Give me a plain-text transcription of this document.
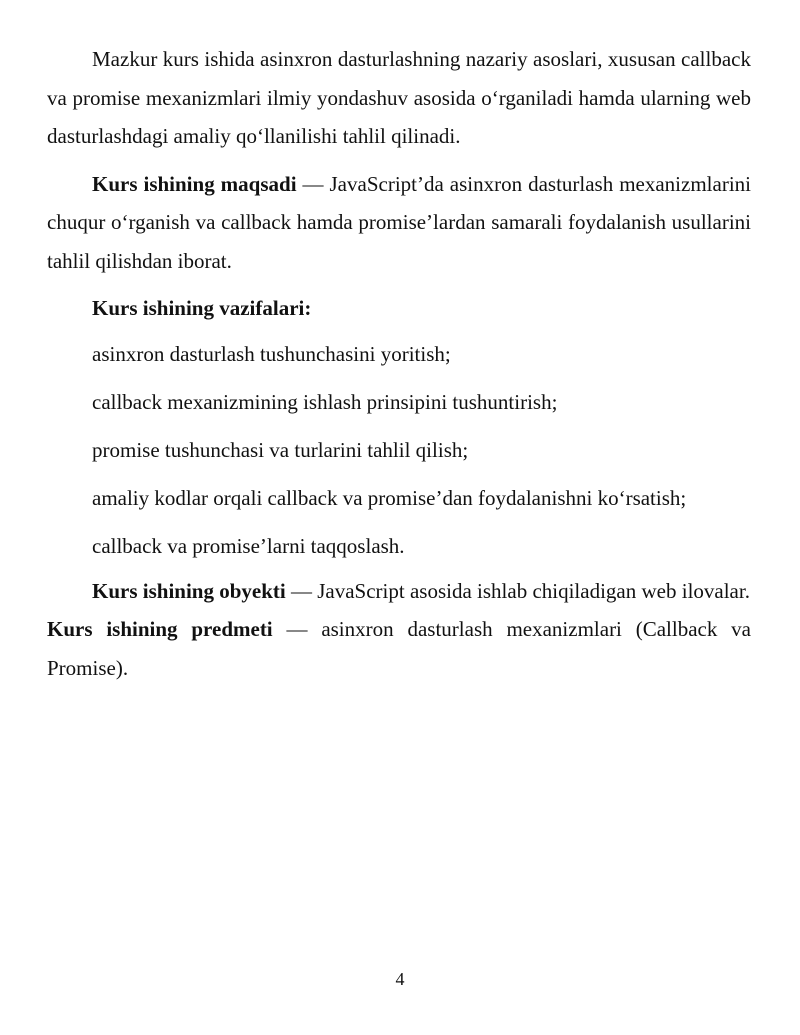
Mazkur kurs ishida asinxron dasturlashning nazariy asoslari, xususan callback va promise mexanizmlari ilmiy yondashuv asosida o‘rganiladi hamda ularning web dasturlashdagi amaliy qo‘llanilishi tahlil qilinadi.

Kurs ishining maqsadi — JavaScript’da asinxron dasturlash mexanizmlarini chuqur o‘rganish va callback hamda promise’lardan samarali foydalanish usullarini tahlil qilishdan iborat.

Kurs ishining vazifalari:

asinxron dasturlash tushunchasini yoritish;

callback mexanizmining ishlash prinsipini tushuntirish;

promise tushunchasi va turlarini tahlil qilish;

amaliy kodlar orqali callback va promise’dan foydalanishni ko‘rsatish;

callback va promise’larni taqqoslash.

Kurs ishining obyekti — JavaScript asosida ishlab chiqiladigan web ilovalar.

Kurs ishining predmeti — asinxron dasturlash mexanizmlari (Callback va Promise).

4
